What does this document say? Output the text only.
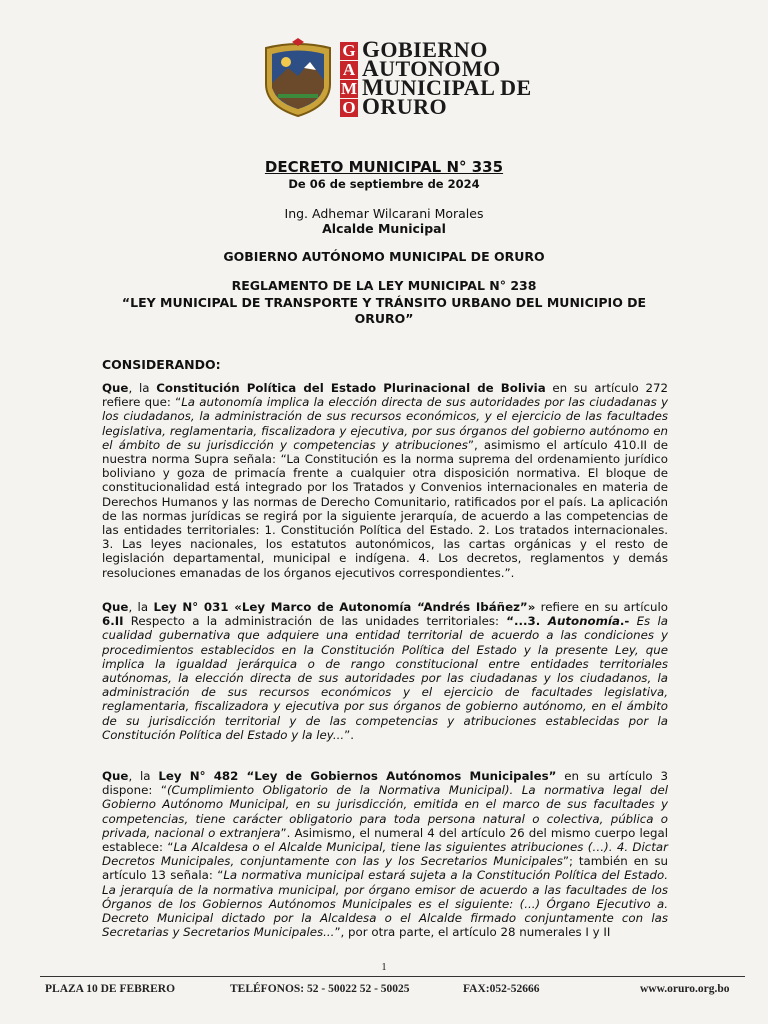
G
A
M
O
GOBIERNO
AUTONOMO
MUNICIPAL DE
ORURO
DECRETO MUNICIPAL N° 335
De 06 de septiembre de 2024
Ing. Adhemar Wilcarani Morales
Alcalde Municipal
GOBIERNO AUTÓNOMO MUNICIPAL DE ORURO
REGLAMENTO DE LA LEY MUNICIPAL N° 238
“LEY MUNICIPAL DE TRANSPORTE Y TRÁNSITO URBANO DEL MUNICIPIO DE
ORURO”
CONSIDERANDO:

Que, la Constitución Política del Estado Plurinacional de Bolivia en su artículo 272 refiere que: “La autonomía implica la elección directa de sus autoridades por las ciudadanas y los ciudadanos, la administración de sus recursos económicos, y el ejercicio de las facultades legislativa, reglamentaria, fiscalizadora y ejecutiva, por sus órganos del gobierno autónomo en el ámbito de su jurisdicción y competencias y atribuciones”, asimismo el artículo 410.II de nuestra norma Supra señala: “La Constitución es la norma suprema del ordenamiento jurídico boliviano y goza de primacía frente a cualquier otra disposición normativa. El bloque de constitucionalidad está integrado por los Tratados y Convenios internacionales en materia de Derechos Humanos y las normas de Derecho Comunitario, ratificados por el país. La aplicación de las normas jurídicas se regirá por la siguiente jerarquía, de acuerdo a las competencias de las entidades territoriales: 1. Constitución Política del Estado. 2. Los tratados internacionales. 3. Las leyes nacionales, los estatutos autonómicos, las cartas orgánicas y el resto de legislación departamental, municipal e indígena. 4. Los decretos, reglamentos y demás resoluciones emanadas de los órganos ejecutivos correspondientes.”.

Que, la Ley N° 031 «Ley Marco de Autonomía “Andrés Ibáñez”» refiere en su artículo 6.II Respecto a la administración de las unidades territoriales: “...3. Autonomía.- Es la cualidad gubernativa que adquiere una entidad territorial de acuerdo a las condiciones y procedimientos establecidos en la Constitución Política del Estado y la presente Ley, que implica la igualdad jerárquica o de rango constitucional entre entidades territoriales autónomas, la elección directa de sus autoridades por las ciudadanas y los ciudadanos, la administración de sus recursos económicos y el ejercicio de facultades legislativa, reglamentaria, fiscalizadora y ejecutiva por sus órganos de gobierno autónomo, en el ámbito de su jurisdicción territorial y de las competencias y atribuciones establecidas por la Constitución Política del Estado y la ley...”.

Que, la Ley N° 482 “Ley de Gobiernos Autónomos Municipales” en su artículo 3 dispone: “(Cumplimiento Obligatorio de la Normativa Municipal). La normativa legal del Gobierno Autónomo Municipal, en su jurisdicción, emitida en el marco de sus facultades y competencias, tiene carácter obligatorio para toda persona natural o colectiva, pública o privada, nacional o extranjera”. Asimismo, el numeral 4 del artículo 26 del mismo cuerpo legal establece: “La Alcaldesa o el Alcalde Municipal, tiene las siguientes atribuciones (…). 4. Dictar Decretos Municipales, conjuntamente con las y los Secretarios Municipales”; también en su artículo 13 señala: “La normativa municipal estará sujeta a la Constitución Política del Estado. La jerarquía de la normativa municipal, por órgano emisor de acuerdo a las facultades de los Órganos de los Gobiernos Autónomos Municipales es el siguiente: (...) Órgano Ejecutivo a. Decreto Municipal dictado por la Alcaldesa o el Alcalde firmado conjuntamente con las Secretarias y Secretarios Municipales...”, por otra parte, el artículo 28 numerales I y II

1
PLAZA 10 DE FEBRERO	TELÉFONOS: 52 - 50022 52 - 50025	FAX:052-52666	www.oruro.org.bo
